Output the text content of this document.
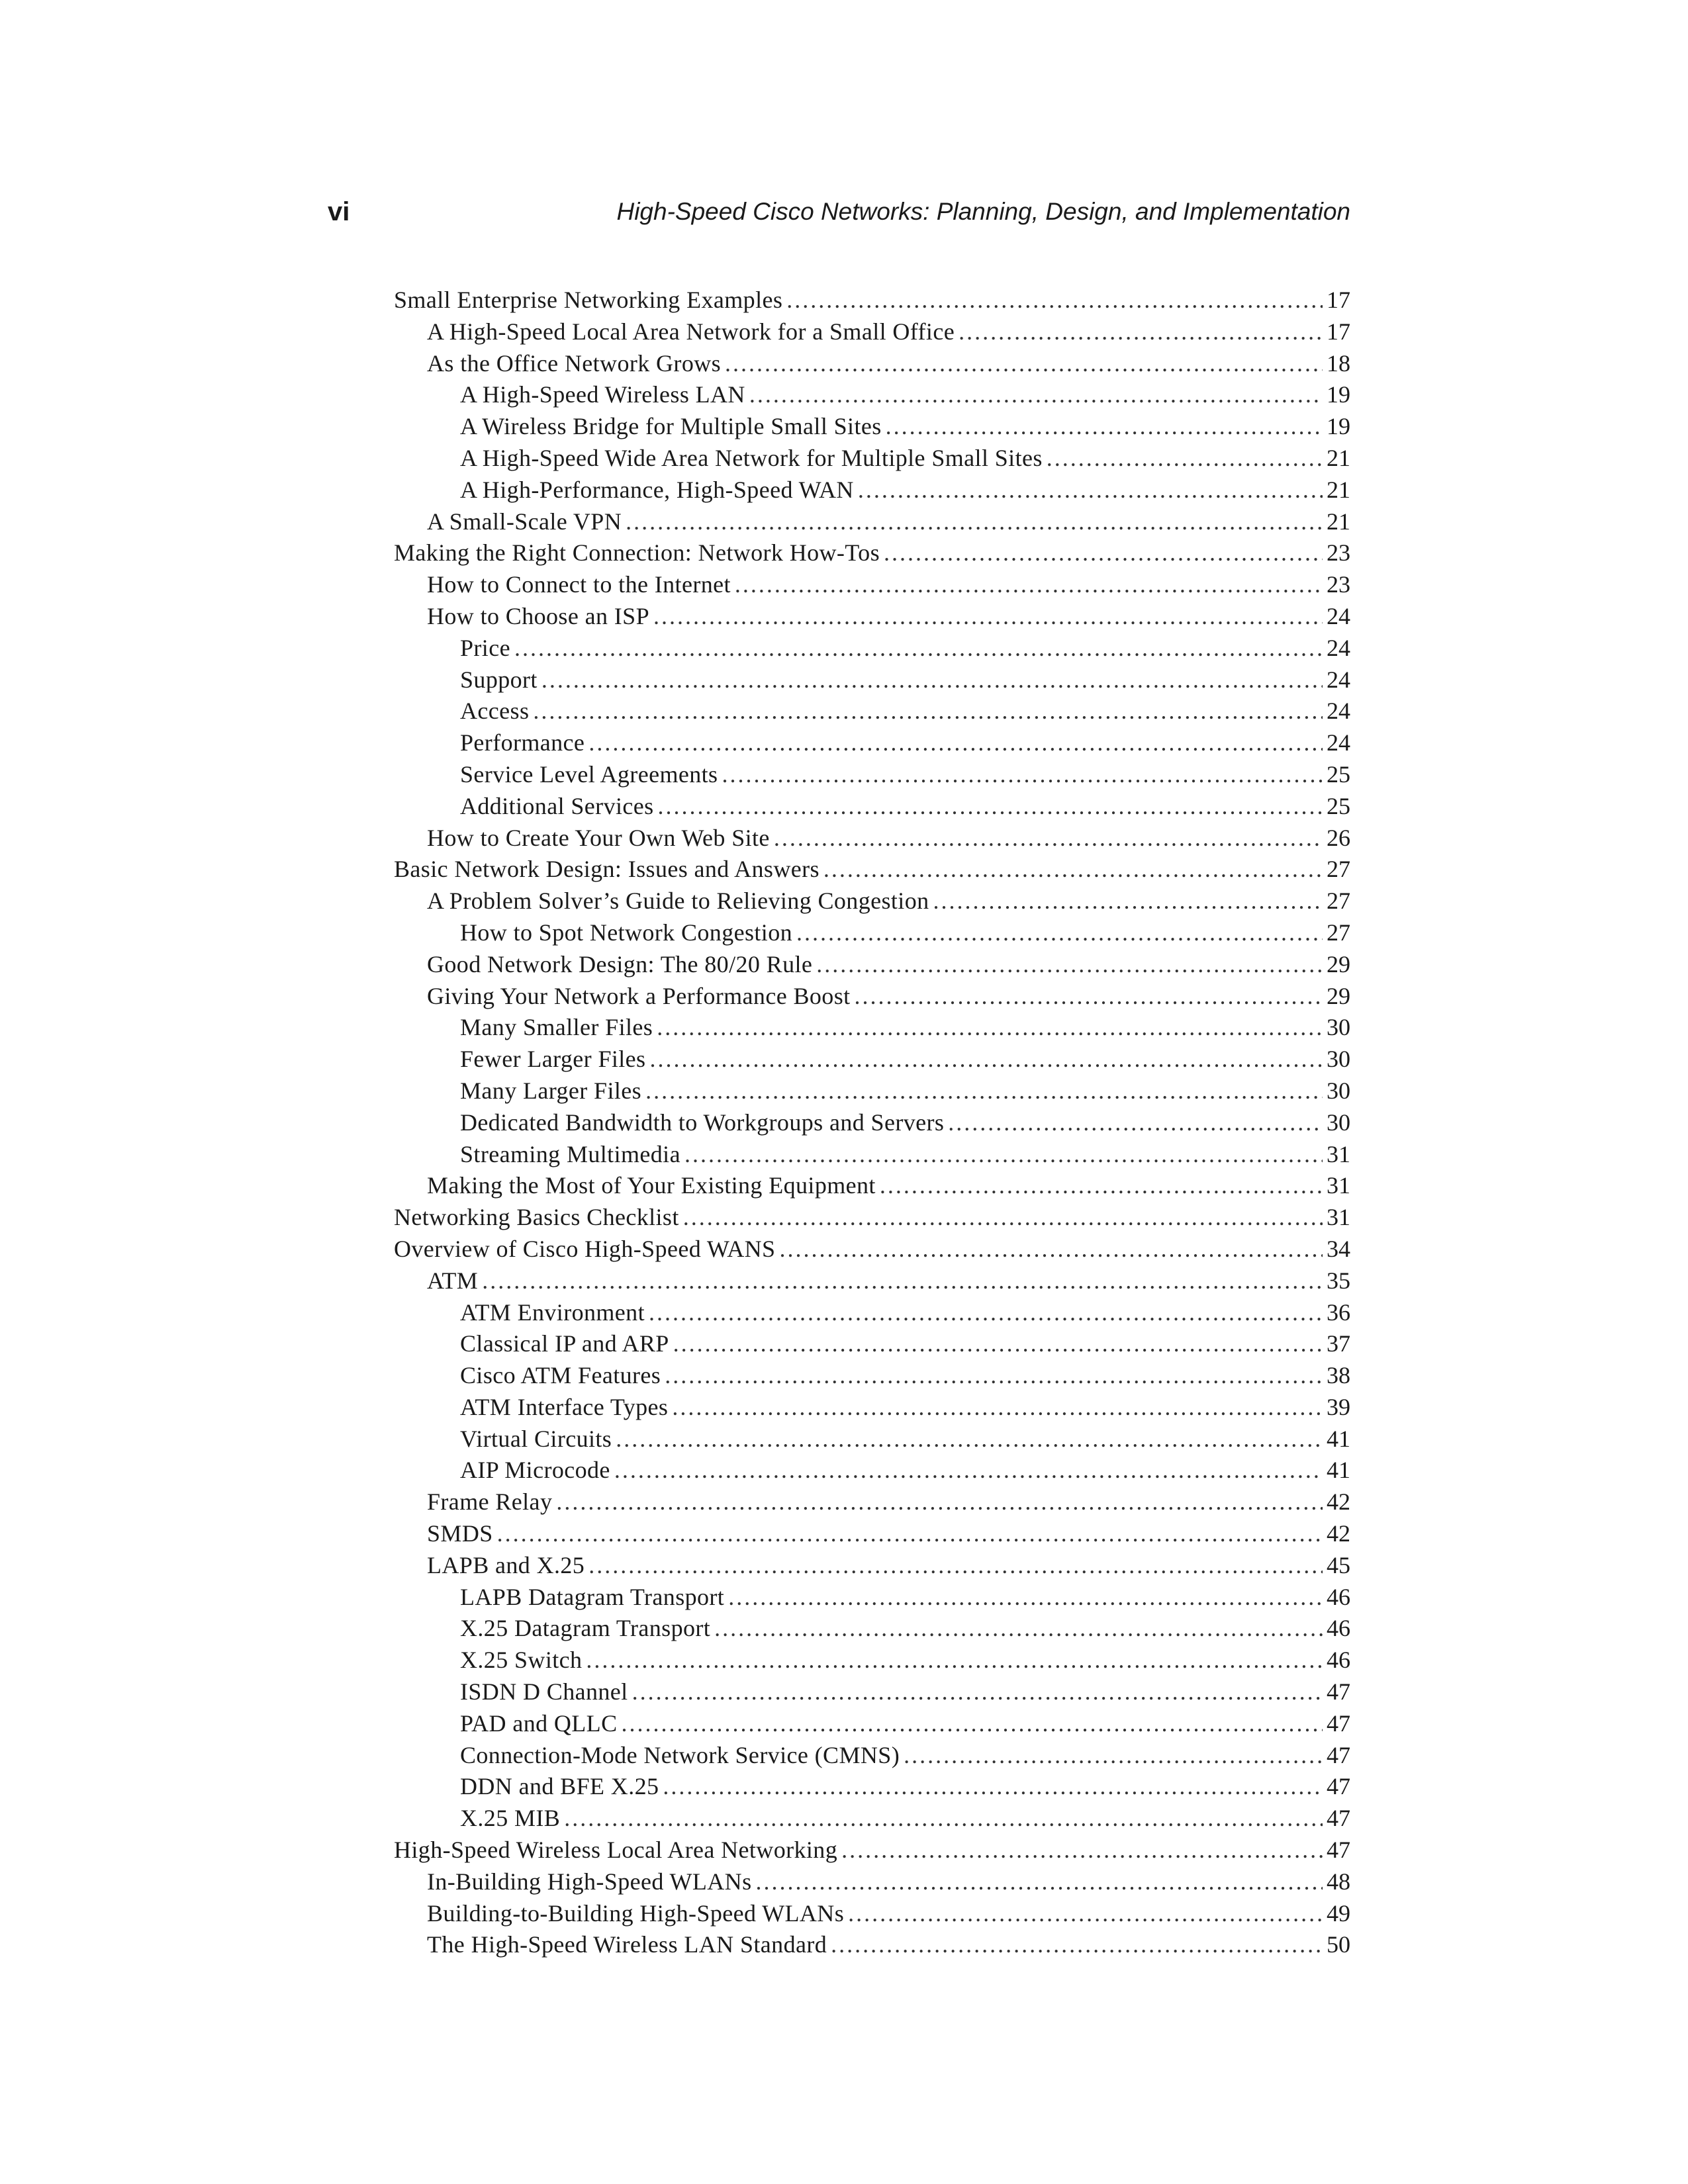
vi	High-Speed Cisco Networks: Planning, Design, and Implementation
Small Enterprise Networking Examples .....	17
A High-Speed Local Area Network for a Small Office .....	17
As the Office Network Grows .....	18
A High-Speed Wireless LAN .....	19
A Wireless Bridge for Multiple Small Sites .....	19
A High-Speed Wide Area Network for Multiple Small Sites .....	21
A High-Performance, High-Speed WAN .....	21
A Small-Scale VPN .....	21
Making the Right Connection: Network How-Tos .....	23
How to Connect to the Internet .....	23
How to Choose an ISP .....	24
Price .....	24
Support .....	24
Access .....	24
Performance .....	24
Service Level Agreements .....	25
Additional Services .....	25
How to Create Your Own Web Site .....	26
Basic Network Design: Issues and Answers .....	27
A Problem Solver’s Guide to Relieving Congestion .....	27
How to Spot Network Congestion .....	27
Good Network Design: The 80/20 Rule .....	29
Giving Your Network a Performance Boost .....	29
Many Smaller Files .....	30
Fewer Larger Files .....	30
Many Larger Files .....	30
Dedicated Bandwidth to Workgroups and Servers .....	30
Streaming Multimedia .....	31
Making the Most of Your Existing Equipment .....	31
Networking Basics Checklist .....	31
Overview of Cisco High-Speed WANS .....	34
ATM .....	35
ATM Environment .....	36
Classical IP and ARP .....	37
Cisco ATM Features .....	38
ATM Interface Types .....	39
Virtual Circuits .....	41
AIP Microcode .....	41
Frame Relay .....	42
SMDS .....	42
LAPB and X.25 .....	45
LAPB Datagram Transport .....	46
X.25 Datagram Transport .....	46
X.25 Switch .....	46
ISDN D Channel .....	47
PAD and QLLC .....	47
Connection-Mode Network Service (CMNS) .....	47
DDN and BFE X.25 .....	47
X.25 MIB .....	47
High-Speed Wireless Local Area Networking .....	47
In-Building High-Speed WLANs .....	48
Building-to-Building High-Speed WLANs .....	49
The High-Speed Wireless LAN Standard .....	50
